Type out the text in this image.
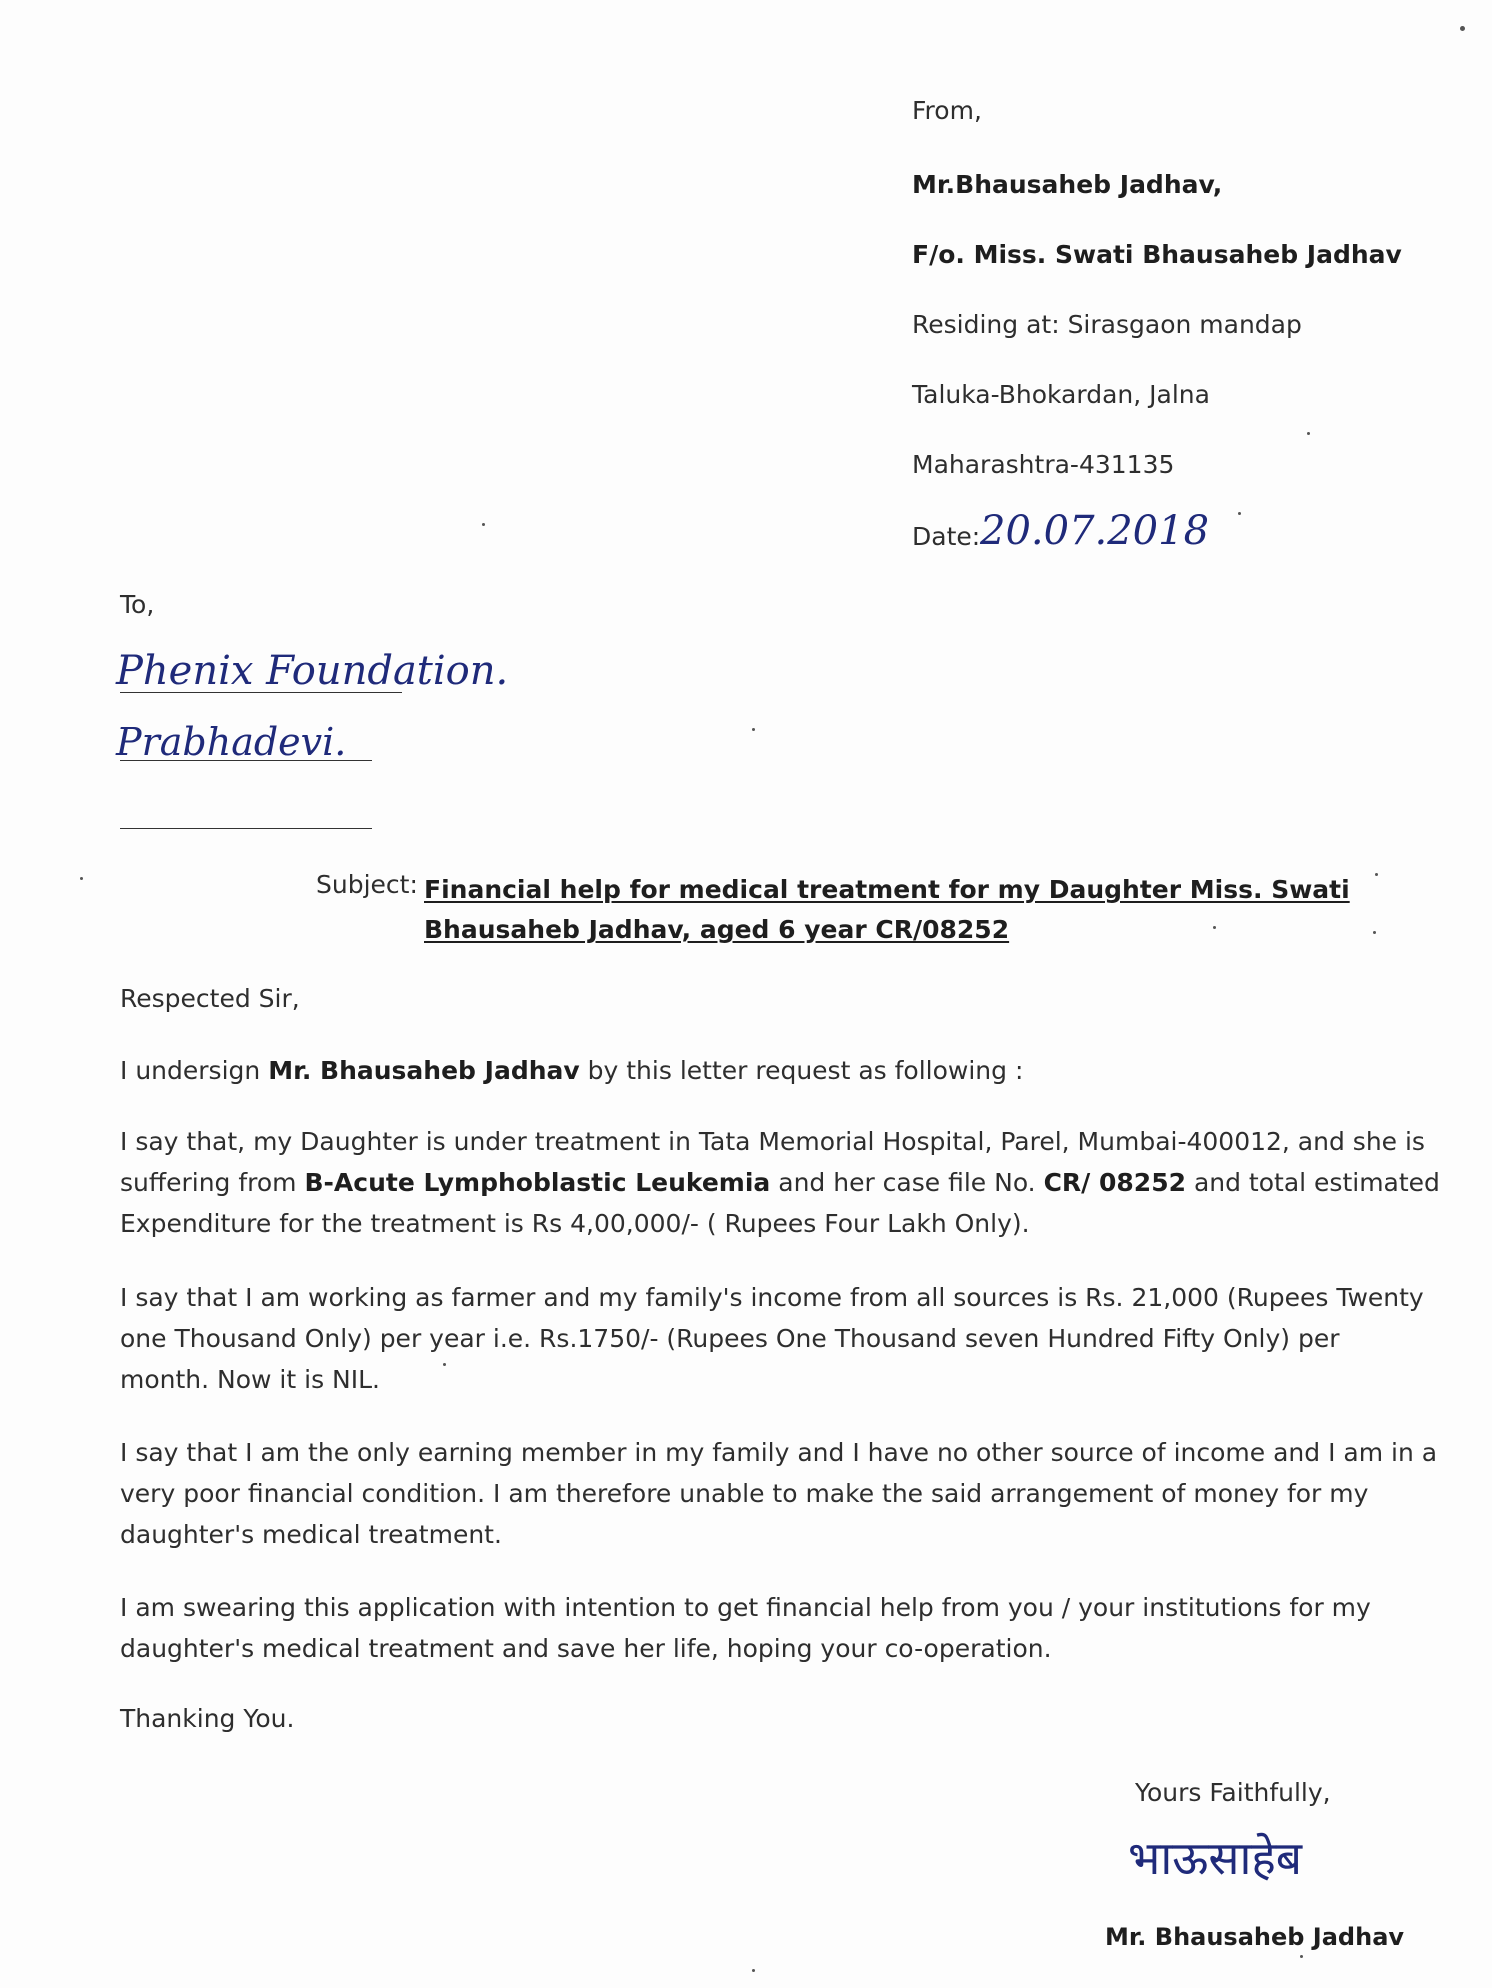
From,
Mr.Bhausaheb Jadhav,
F/o. Miss. Swati Bhausaheb Jadhav
Residing at: Sirasgaon mandap
Taluka-Bhokardan, Jalna
Maharashtra-431135
Date: 20.07.2018
To,
Phenix Foundation.
Prabhadevi.
Subject: Financial help for medical treatment for my Daughter Miss. Swati Bhausaheb Jadhav, aged 6 year CR/08252
Respected Sir,
I undersign Mr. Bhausaheb Jadhav by this letter request as following :
I say that, my Daughter is under treatment in Tata Memorial Hospital, Parel, Mumbai-400012, and she is
suffering from B-Acute Lymphoblastic Leukemia and her case file No. CR/ 08252 and total estimated
Expenditure for the treatment is Rs 4,00,000/- ( Rupees Four Lakh Only).
I say that I am working as farmer and my family's income from all sources is Rs. 21,000 (Rupees Twenty
one Thousand Only) per year i.e. Rs.1750/- (Rupees One Thousand seven Hundred Fifty Only) per
month. Now it is NIL.
I say that I am the only earning member in my family and I have no other source of income and I am in a
very poor financial condition. I am therefore unable to make the said arrangement of money for my
daughter's medical treatment.
I am swearing this application with intention to get financial help from you / your institutions for my
daughter's medical treatment and save her life, hoping your co-operation.
Thanking You.
Yours Faithfully,
भाऊसाहेब
Mr. Bhausaheb Jadhav
